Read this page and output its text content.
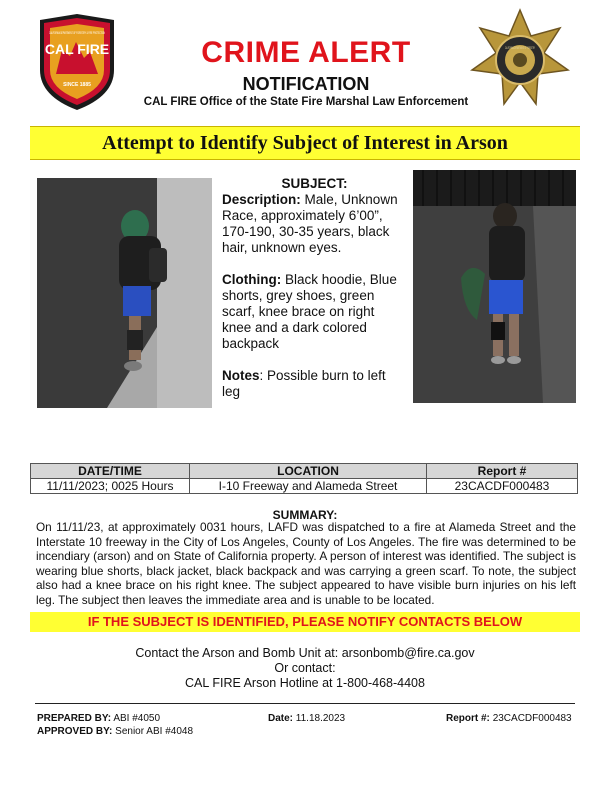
CAL FIRE
CALIFORNIA DEPARTMENT OF FORESTRY & FIRE PROTECTION
SINCE 1885
CALIFORNIA DEPARTMENT OF FORESTRY
CRIME ALERT
NOTIFICATION
CAL FIRE Office of the State Fire Marshal Law Enforcement
Attempt to Identify Subject of Interest in Arson
SUBJECT:

Description: Male, Unknown Race, approximately 6’00”, 170-190, 30-35 years, black hair, unknown eyes.

Clothing: Black hoodie, Blue shorts, grey shoes, green scarf, knee brace on right knee and a dark colored backpack

Notes: Possible burn to left leg

DATE/TIME	LOCATION	Report #
11/11/2023; 0025 Hours	I-10 Freeway and Alameda Street	23CACDF000483
SUMMARY:
On 11/11/23, at approximately 0031 hours, LAFD was dispatched to a fire at Alameda Street and the Interstate 10 freeway in the City of Los Angeles, County of Los Angeles. The fire was determined to be incendiary (arson) and on State of California property. A person of interest was identified. The subject is wearing blue shorts, black jacket, black backpack and was carrying a green scarf. To note, the subject also had a knee brace on his right knee. The subject appeared to have visible burn injuries on his left leg. The subject then leaves the immediate area and is unable to be located.
IF THE SUBJECT IS IDENTIFIED, PLEASE NOTIFY CONTACTS BELOW
Contact the Arson and Bomb Unit at: arsonbomb@fire.ca.gov
Or contact:
CAL FIRE Arson Hotline at 1-800-468-4408
PREPARED BY: ABI #4050
APPROVED BY: Senior ABI #4048
Date: 11.18.2023	Report #: 23CACDF000483
